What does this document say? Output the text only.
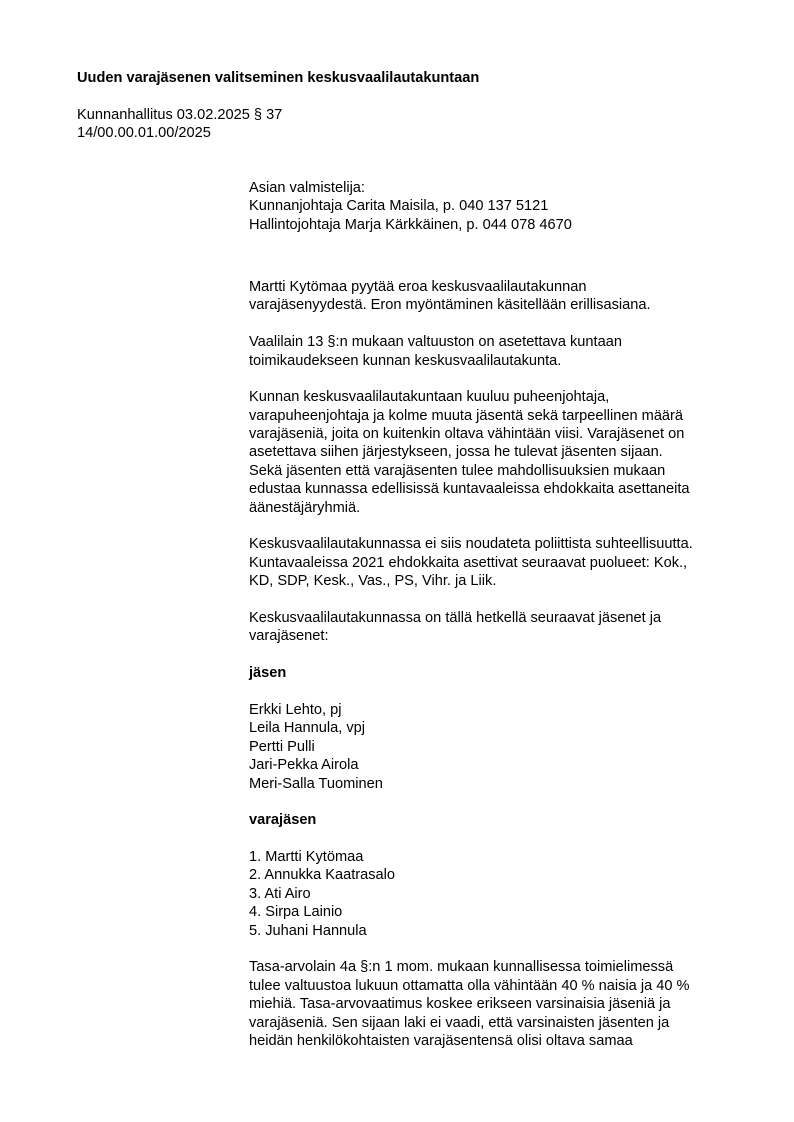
Uuden varajäsenen valitseminen keskusvaalilautakuntaan
Kunnanhallitus 03.02.2025 § 37
14/00.00.01.00/2025
Asian valmistelija:
Kunnanjohtaja Carita Maisila, p. 040 137 5121
Hallintojohtaja Marja Kärkkäinen, p. 044 078 4670
Martti Kytömaa pyytää eroa keskusvaalilautakunnan
varajäsenyydestä. Eron myöntäminen käsitellään erillisasiana.
Vaalilain 13 §:n mukaan valtuuston on asetettava kuntaan
toimikaudekseen kunnan keskusvaalilautakunta.
Kunnan keskusvaalilautakuntaan kuuluu puheenjohtaja,
varapuheenjohtaja ja kolme muuta jäsentä sekä tarpeellinen määrä
varajäseniä, joita on kuitenkin oltava vähintään viisi. Varajäsenet on
asetettava siihen järjestykseen, jossa he tulevat jäsenten sijaan.
Sekä jäsenten että varajäsenten tulee mahdollisuuksien mukaan
edustaa kunnassa edellisissä kuntavaaleissa ehdokkaita asettaneita
äänestäjäryhmiä.
Keskusvaalilautakunnassa ei siis noudateta poliittista suhteellisuutta.
Kuntavaaleissa 2021 ehdokkaita asettivat seuraavat puolueet: Kok.,
KD, SDP, Kesk., Vas., PS, Vihr. ja Liik.
Keskusvaalilautakunnassa on tällä hetkellä seuraavat jäsenet ja
varajäsenet:
jäsen
Erkki Lehto, pj
Leila Hannula, vpj
Pertti Pulli
Jari-Pekka Airola
Meri-Salla Tuominen
varajäsen
1. Martti Kytömaa
2. Annukka Kaatrasalo
3. Ati Airo
4. Sirpa Lainio
5. Juhani Hannula
Tasa-arvolain 4a §:n 1 mom. mukaan kunnallisessa toimielimessä
tulee valtuustoa lukuun ottamatta olla vähintään 40 % naisia ja 40 %
miehiä. Tasa-arvovaatimus koskee erikseen varsinaisia jäseniä ja
varajäseniä. Sen sijaan laki ei vaadi, että varsinaisten jäsenten ja
heidän henkilökohtaisten varajäsentensä olisi oltava samaa
